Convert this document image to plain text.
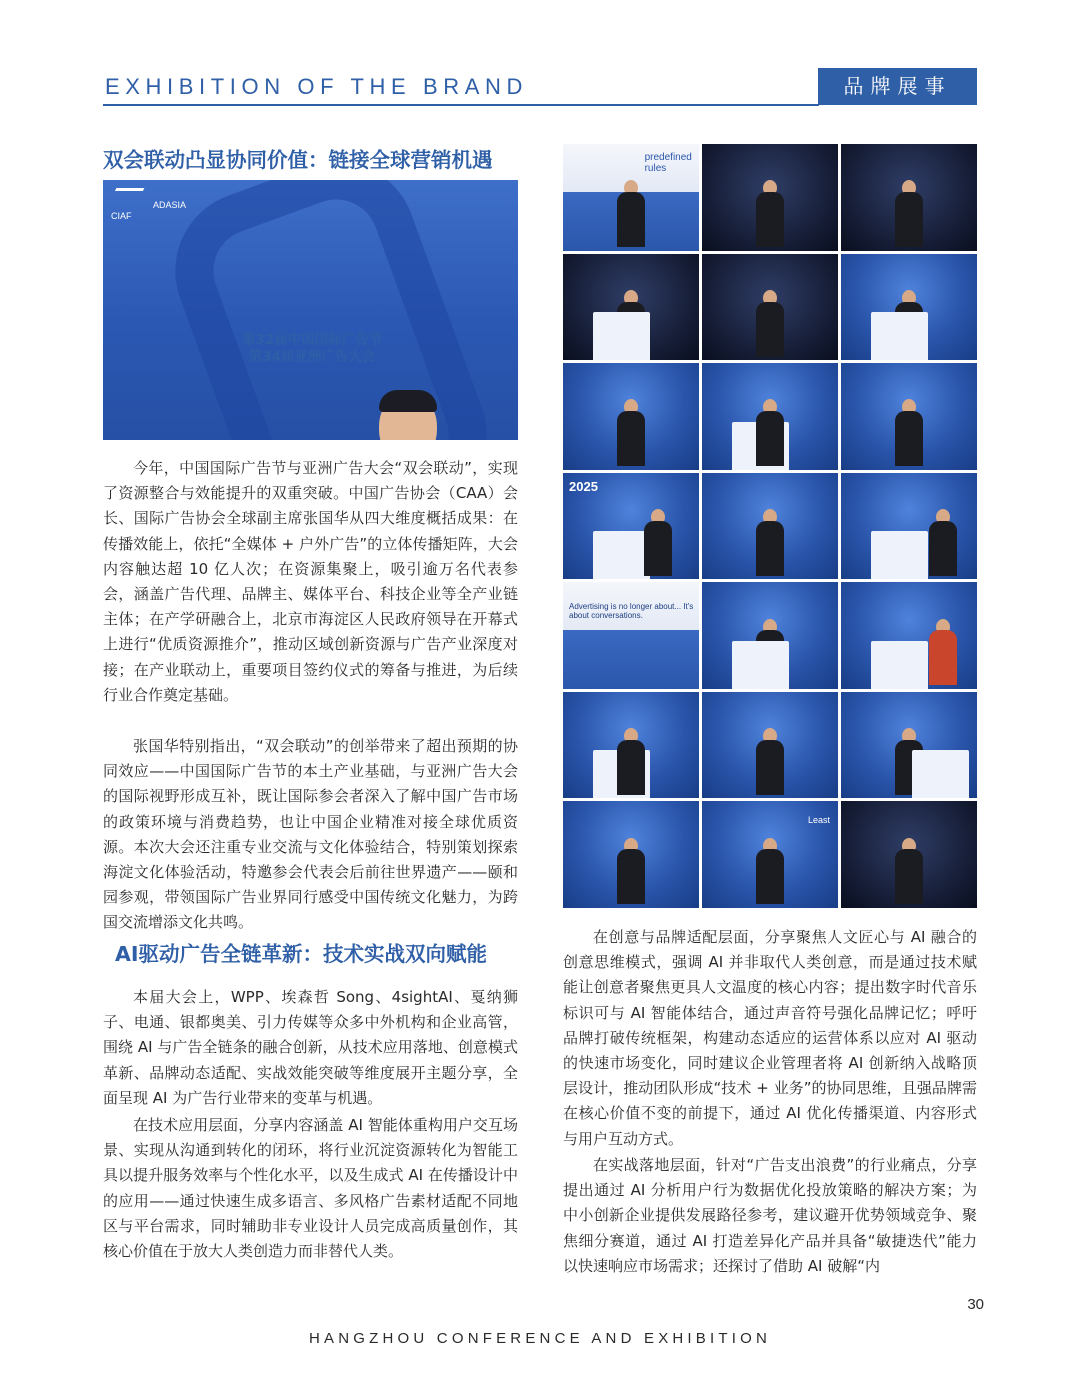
EXHIBITION OF THE BRAND	品牌展事
双会联动凸显协同价值：链接全球营销机遇
CIAF
ADASIA
第32届中国国际广告节
第34届亚洲广告大会

今年，中国国际广告节与亚洲广告大会“双会联动”，实现了资源整合与效能提升的双重突破。中国广告协会（CAA）会长、国际广告协会全球副主席张国华从四大维度概括成果：在传播效能上，依托“全媒体 + 户外广告”的立体传播矩阵，大会内容触达超 10 亿人次；在资源集聚上，吸引逾万名代表参会，涵盖广告代理、品牌主、媒体平台、科技企业等全产业链主体；在产学研融合上，北京市海淀区人民政府领导在开幕式上进行“优质资源推介”，推动区域创新资源与广告产业深度对接；在产业联动上，重要项目签约仪式的筹备与推进，为后续行业合作奠定基础。

张国华特别指出，“双会联动”的创举带来了超出预期的协同效应——中国国际广告节的本土产业基础，与亚洲广告大会的国际视野形成互补，既让国际参会者深入了解中国广告市场的政策环境与消费趋势，也让中国企业精准对接全球优质资源。本次大会还注重专业交流与文化体验结合，特别策划探索海淀文化体验活动，特邀参会代表会后前往世界遗产——颐和园参观，带领国际广告业界同行感受中国传统文化魅力，为跨国交流增添文化共鸣。

AI驱动广告全链革新：技术实战双向赋能

本届大会上，WPP、埃森哲 Song、4sightAI、戛纳狮子、电通、银都奥美、引力传媒等众多中外机构和企业高管，围绕 AI 与广告全链条的融合创新，从技术应用落地、创意模式革新、品牌动态适配、实战效能突破等维度展开主题分享，全面呈现 AI 为广告行业带来的变革与机遇。

在技术应用层面，分享内容涵盖 AI 智能体重构用户交互场景、实现从沟通到转化的闭环，将行业沉淀资源转化为智能工具以提升服务效率与个性化水平，以及生成式 AI 在传播设计中的应用——通过快速生成多语言、多风格广告素材适配不同地区与平台需求，同时辅助非专业设计人员完成高质量创作，其核心价值在于放大人类创造力而非替代人类。

predefined rules
2025
Advertising is no longer about... It's about conversations.
Least

在创意与品牌适配层面，分享聚焦人文匠心与 AI 融合的创意思维模式，强调 AI 并非取代人类创意，而是通过技术赋能让创意者聚焦更具人文温度的核心内容；提出数字时代音乐标识可与 AI 智能体结合，通过声音符号强化品牌记忆；呼吁品牌打破传统框架，构建动态适应的运营体系以应对 AI 驱动的快速市场变化，同时建议企业管理者将 AI 创新纳入战略顶层设计，推动团队形成“技术 + 业务”的协同思维，且强品牌需在核心价值不变的前提下，通过 AI 优化传播渠道、内容形式与用户互动方式。

在实战落地层面，针对“广告支出浪费”的行业痛点，分享提出通过 AI 分析用户行为数据优化投放策略的解决方案；为中小创新企业提供发展路径参考，建议避开优势领域竞争、聚焦细分赛道，通过 AI 打造差异化产品并具备“敏捷迭代”能力以快速响应市场需求；还探讨了借助 AI 破解“内

30
HANGZHOU CONFERENCE AND EXHIBITION
